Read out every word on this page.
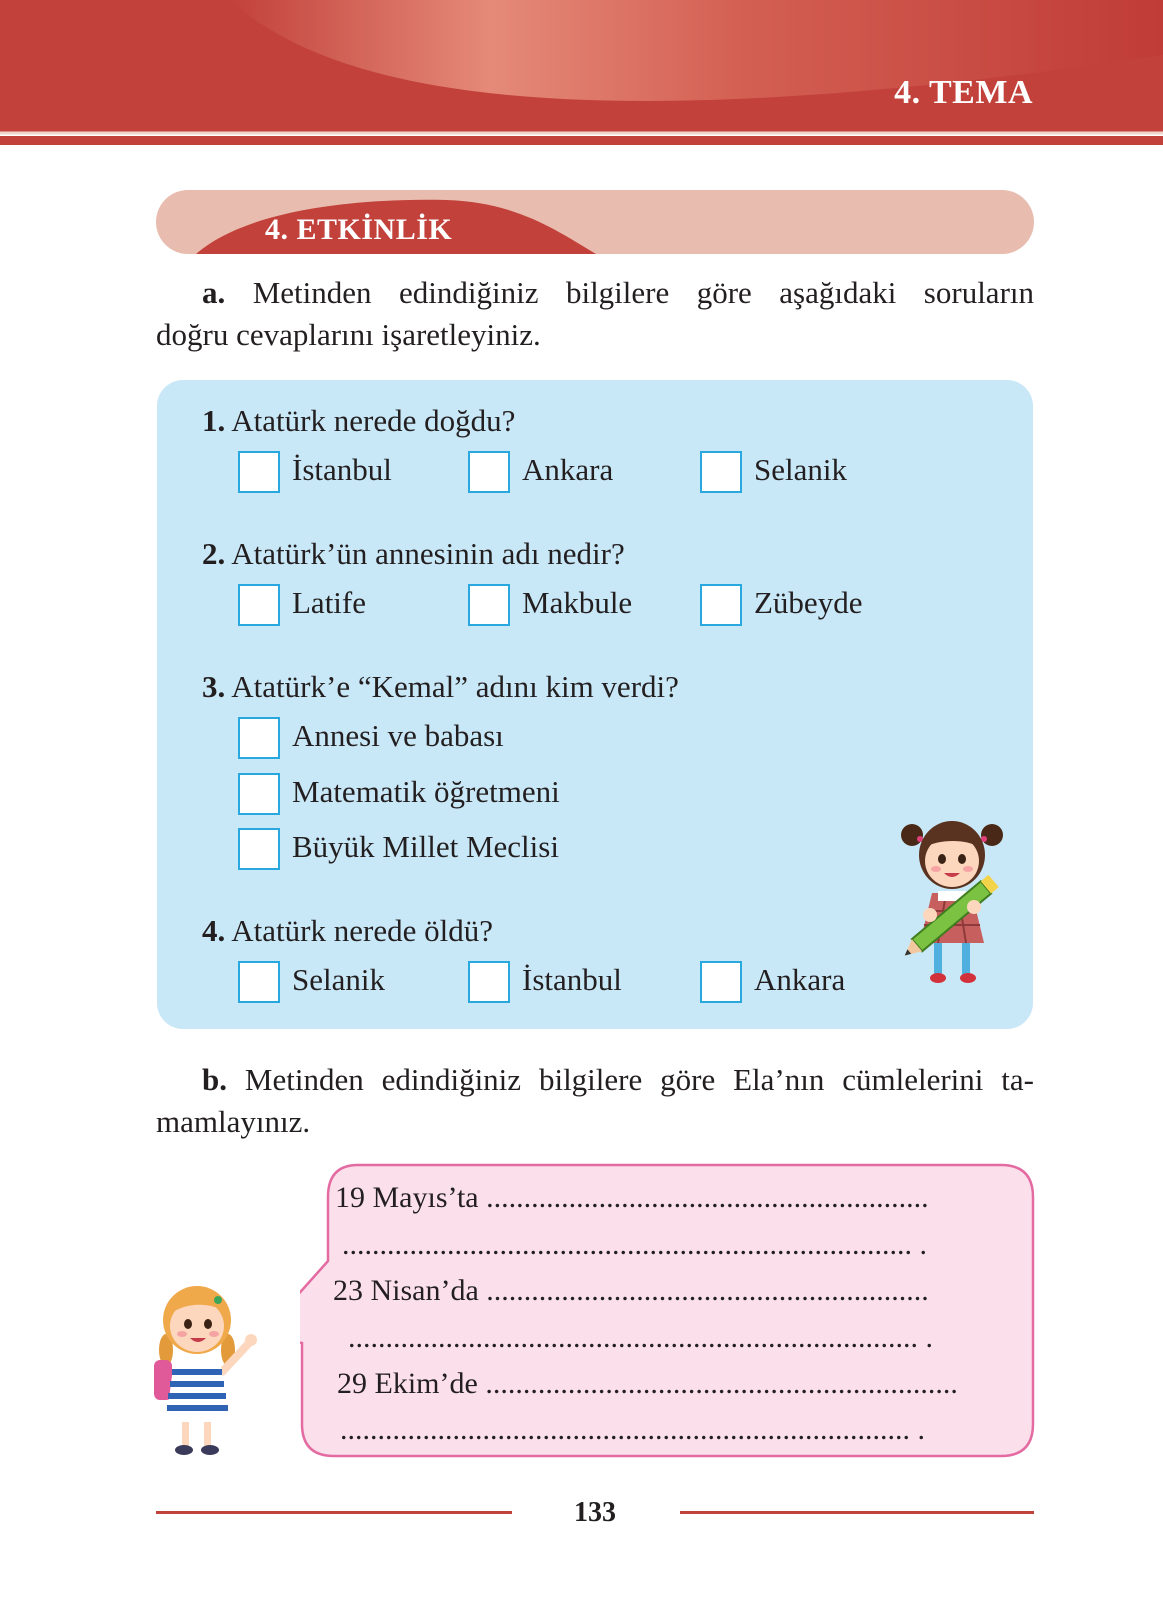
4. TEMA
4. ETKİNLİK
a. Metinden edindiğiniz bilgilere göre aşağıdaki soruların
doğru cevaplarını işaretleyiniz.
1. Atatürk nerede doğdu?
İstanbul	Ankara	Selanik
2. Atatürk’ün annesinin adı nedir?
Latife	Makbule	Zübeyde
3. Atatürk’e “Kemal” adını kim verdi?
Annesi ve babası
Matematik öğretmeni
Büyük Millet Meclisi
4. Atatürk nerede öldü?
Selanik	İstanbul	Ankara
b. Metinden edindiğiniz bilgilere göre Ela’nın cümlelerini ta-
mamlayınız.
19 Mayıs’ta ...........................................................
............................................................................ .
23 Nisan’da ...........................................................
............................................................................ .
29 Ekim’de ...............................................................
............................................................................ .
133
